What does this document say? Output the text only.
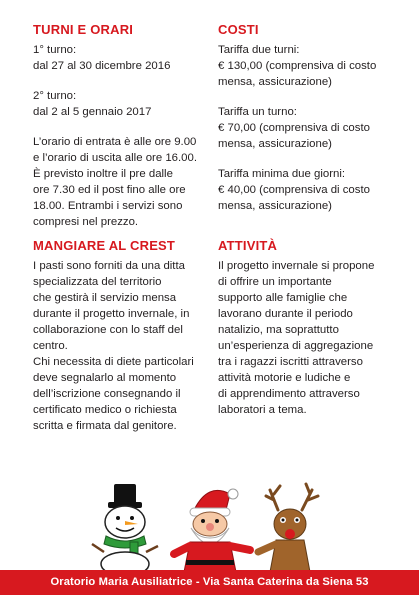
TURNI E ORARI

1° turno:
dal 27 al 30 dicembre 2016

2° turno:
dal 2 al 5 gennaio 2017

L’orario di entrata è alle ore 9.00
e l’orario di uscita alle ore 16.00.
È previsto inoltre il pre dalle
ore 7.30 ed il post fino alle ore
18.00. Entrambi i servizi sono
compresi nel prezzo.

COSTI

Tariffa due turni:
€ 130,00 (comprensiva di costo
mensa, assicurazione)

Tariffa un turno:
€ 70,00 (comprensiva di costo
mensa, assicurazione)

Tariffa minima due giorni:
€ 40,00 (comprensiva di costo
mensa, assicurazione)

MANGIARE AL CREST

I pasti sono forniti da una ditta
specializzata del territorio
che gestirà il servizio mensa
durante il progetto invernale, in
collaborazione con lo staff del
centro.
Chi necessita di diete particolari
deve segnalarlo al momento
dell’iscrizione consegnando il
certificato medico o richiesta
scritta e firmata dal genitore.

ATTIVITÀ

Il progetto invernale si propone
di offrire un importante
supporto alle famiglie che
lavorano durante il periodo
natalizio, ma soprattutto
un’esperienza di aggregazione
tra i ragazzi iscritti attraverso
attività motorie e ludiche e
di apprendimento attraverso
laboratori a tema.

Oratorio Maria Ausiliatrice - Via Santa Caterina da Siena 53
